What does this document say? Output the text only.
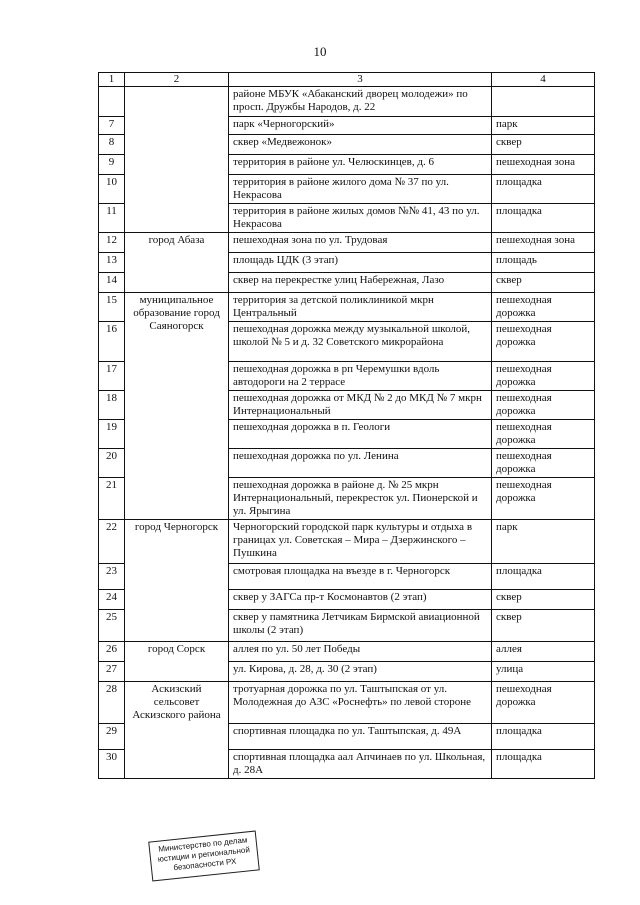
10
1	2	3	4
		районе МБУК «Абаканский дворец молодежи» по просп. Дружбы Народов, д. 22	
7		парк «Черногорский»	парк
8		сквер «Медвежонок»	сквер
9		территория в районе ул. Челюскинцев, д. 6	пешеходная зона
10		территория в районе жилого дома № 37 по ул. Некрасова	площадка
11		территория в районе жилых домов №№ 41, 43 по ул. Некрасова	площадка
12	город Абаза	пешеходная зона по ул. Трудовая	пешеходная зона
13		площадь ЦДК (3 этап)	площадь
14		сквер на перекрестке улиц Набережная, Лазо	сквер
15	муниципальное образование город Саяногорск	территория за детской поликлиникой мкрн Центральный	пешеходная дорожка
16		пешеходная дорожка между музыкальной школой, школой № 5 и д. 32 Советского микрорайона	пешеходная дорожка
17		пешеходная дорожка в рп Черемушки вдоль автодороги на 2 террасе	пешеходная дорожка
18		пешеходная дорожка от МКД № 2 до МКД № 7 мкрн Интернациональный	пешеходная дорожка
19		пешеходная дорожка в п. Геологи	пешеходная дорожка
20		пешеходная дорожка по ул. Ленина	пешеходная дорожка
21		пешеходная дорожка в районе д. № 25 мкрн Интернациональный, перекресток ул. Пионерской и ул. Ярыгина	пешеходная дорожка
22	город Черногорск	Черногорский городской парк культуры и отдыха в границах ул. Советская – Мира – Дзержинского – Пушкина	парк
23		смотровая площадка на въезде в г. Черногорск	площадка
24		сквер у ЗАГСа пр-т Космонавтов (2 этап)	сквер
25		сквер у памятника Летчикам Бирмской авиационной школы (2 этап)	сквер
26	город Сорск	аллея по ул. 50 лет Победы	аллея
27		ул. Кирова, д. 28, д. 30 (2 этап)	улица
28	Аскизский сельсовет Аскизского района	тротуарная дорожка по ул. Таштыпская от ул. Молодежная до АЗС «Роснефть» по левой стороне	пешеходная дорожка
29		спортивная площадка по ул. Таштыпская, д. 49А	площадка
30		спортивная площадка аал Апчинаев по ул. Школьная, д. 28А	площадка
Министерство по делам юстиции и региональной безопасности РХ
